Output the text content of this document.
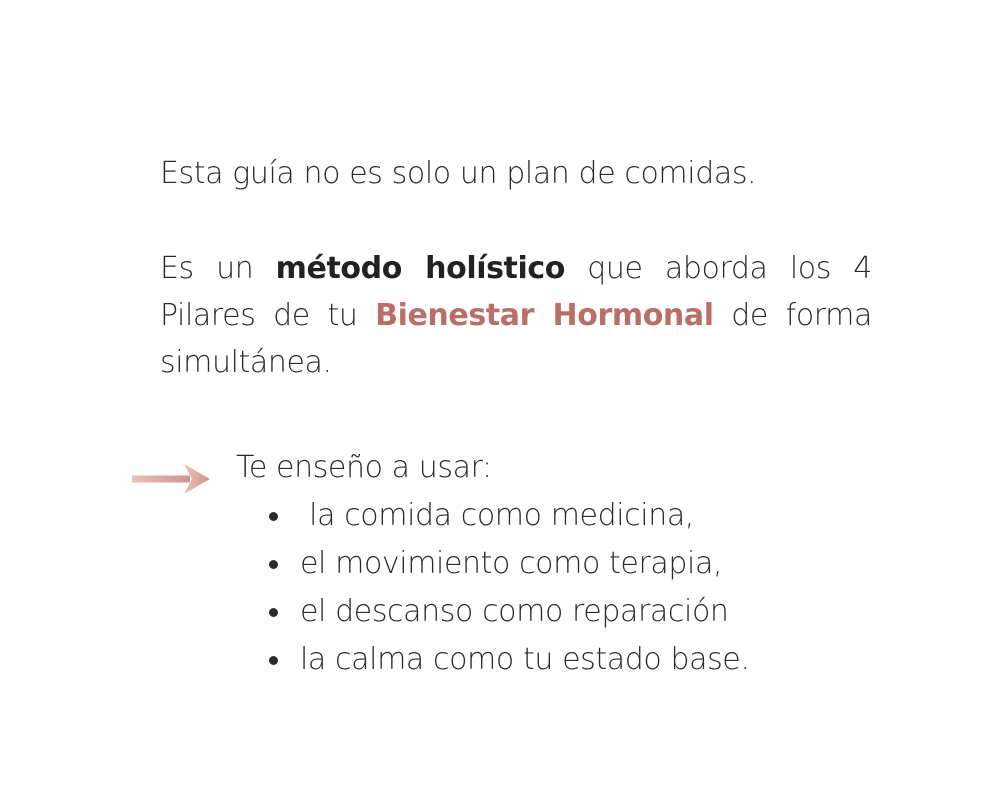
Esta guía no es solo un plan de comidas.

Es un método holístico que aborda los 4 Pilares de tu Bienestar Hormonal de forma simultánea.

Te enseño a usar:

la comida como medicina,
el movimiento como terapia,
el descanso como reparación
la calma como tu estado base.
